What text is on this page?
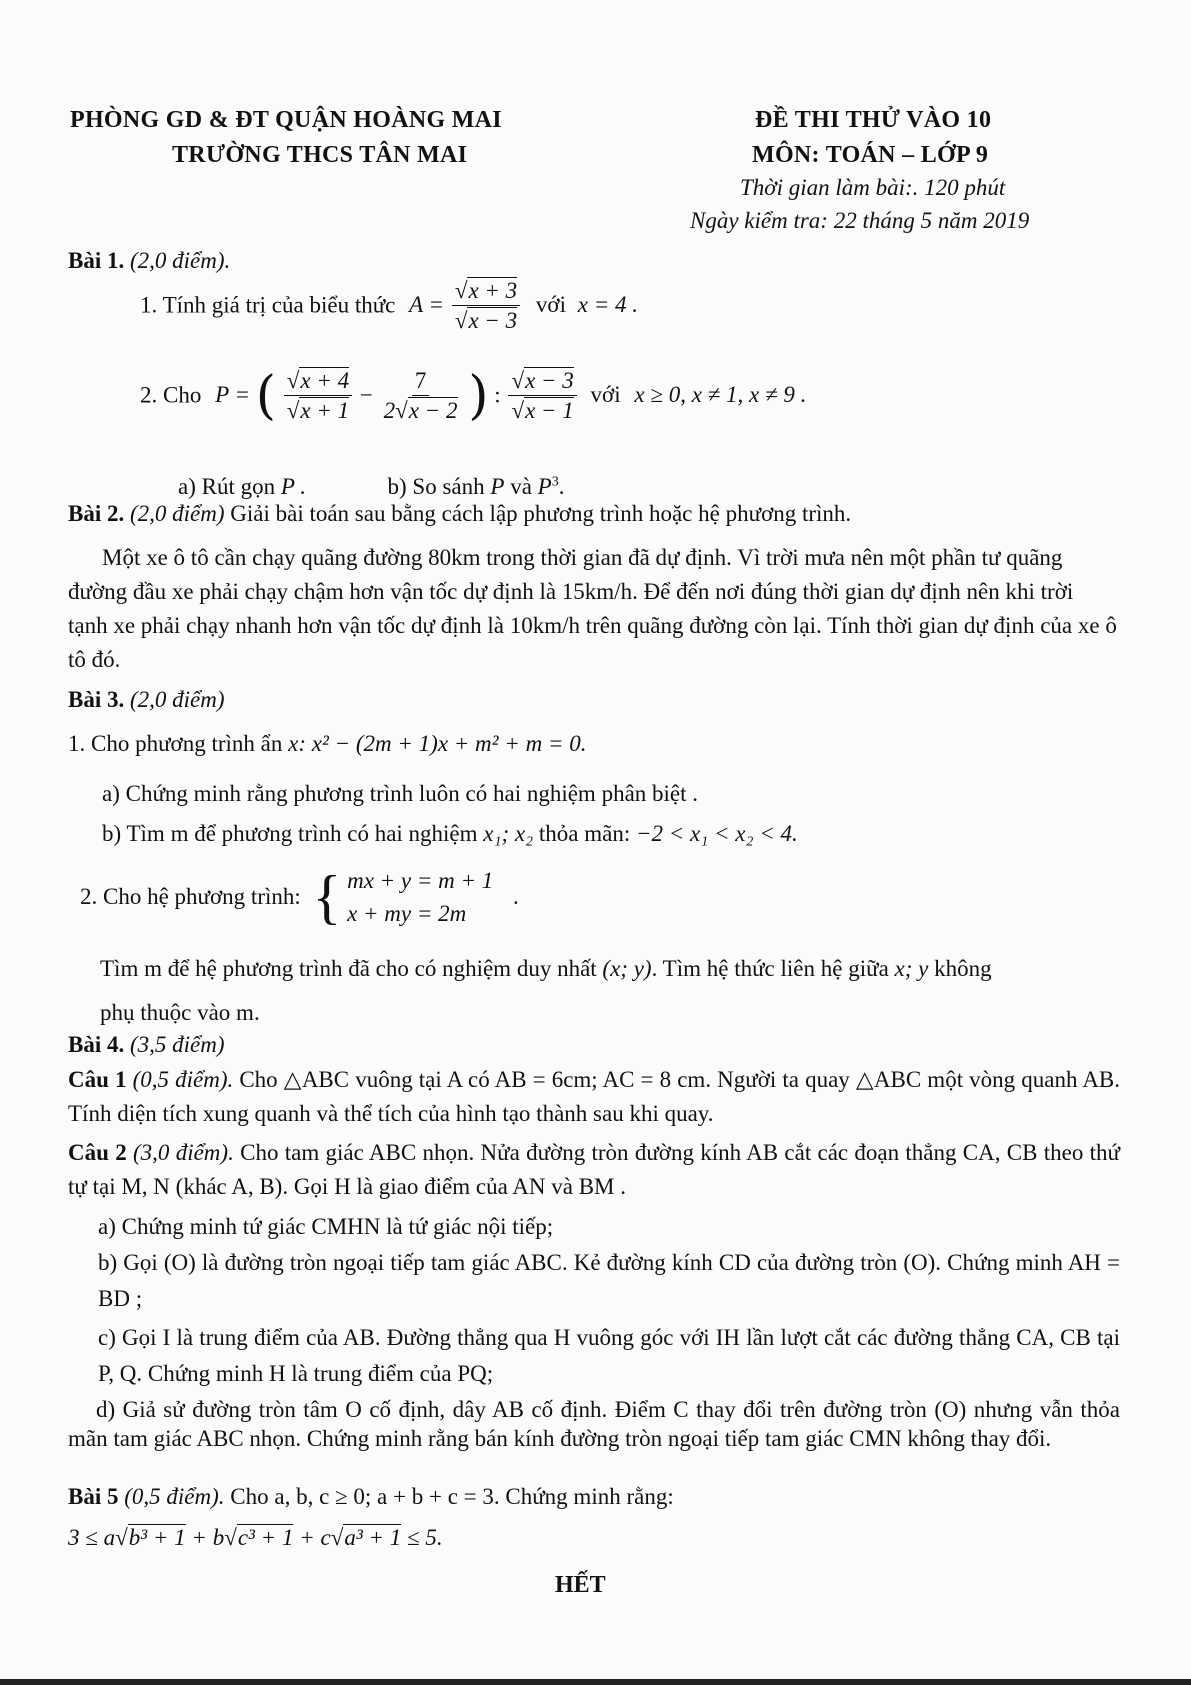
PHÒNG GD & ĐT QUẬN HOÀNG MAI
TRƯỜNG THCS TÂN MAI
ĐỀ THI THỬ VÀO 10
MÔN: TOÁN – LỚP 9
Thời gian làm bài:. 120 phút
Ngày kiểm tra: 22 tháng 5 năm 2019
Bài 1. (2,0 điểm).
1. Tính giá trị của biểu thức $A = \frac{√x + 3}{√x - 3}$ với x = 4 .
2. Cho P = ( $\frac{√x + 4}{√x + 1} - \frac{7}{2√x - 2}$ ) : $\frac{√x - 3}{√x - 1}$ với x ≥ 0, x ≠ 1, x ≠ 9 .
a) Rút gọn P .	b) So sánh P và $P^3$.
Bài 2. (2,0 điểm) Giải bài toán sau bằng cách lập phương trình hoặc hệ phương trình.
Một xe ô tô cần chạy quãng đường 80km trong thời gian đã dự định. Vì trời mưa nên một phần tư quãng đường đầu xe phải chạy chậm hơn vận tốc dự định là 15km/h. Để đến nơi đúng thời gian dự định nên khi trời tạnh xe phải chạy nhanh hơn vận tốc dự định là 10km/h trên quãng đường còn lại. Tính thời gian dự định của xe ô tô đó.
Bài 3. (2,0 điểm)
1. Cho phương trình ẩn x: x² − (2m + 1)x + m² + m = 0.
a) Chứng minh rằng phương trình luôn có hai nghiệm phân biệt .
b) Tìm m để phương trình có hai nghiệm x₁; x₂ thỏa mãn: −2 < x₁ < x₂ < 4.
2. Cho hệ phương trình: { mx + y = m + 1
x + my = 2m
.
Tìm m để hệ phương trình đã cho có nghiệm duy nhất (x; y). Tìm hệ thức liên hệ giữa x; y không
phụ thuộc vào m.
Bài 4. (3,5 điểm)
Câu 1 (0,5 điểm). Cho △ABC vuông tại A có AB = 6cm; AC = 8 cm. Người ta quay △ABC một vòng quanh AB. Tính diện tích xung quanh và thể tích của hình tạo thành sau khi quay.
Câu 2 (3,0 điểm). Cho tam giác ABC nhọn. Nửa đường tròn đường kính AB cắt các đoạn thẳng CA, CB theo thứ tự tại M, N (khác A, B). Gọi H là giao điểm của AN và BM .
a) Chứng minh tứ giác CMHN là tứ giác nội tiếp;
b) Gọi (O) là đường tròn ngoại tiếp tam giác ABC. Kẻ đường kính CD của đường tròn (O). Chứng minh AH = BD ;
c) Gọi I là trung điểm của AB. Đường thẳng qua H vuông góc với IH lần lượt cắt các đường thẳng CA, CB tại P, Q. Chứng minh H là trung điểm của PQ;
d) Giả sử đường tròn tâm O cố định, dây AB cố định. Điểm C thay đổi trên đường tròn (O) nhưng vẫn thỏa mãn tam giác ABC nhọn. Chứng minh rằng bán kính đường tròn ngoại tiếp tam giác CMN không thay đổi.
Bài 5 (0,5 điểm). Cho a, b, c ≥ 0; a + b + c = 3. Chứng minh rằng:
3 ≤ a√b³ + 1 + b√c³ + 1 + c√a³ + 1 ≤ 5.
HẾT
